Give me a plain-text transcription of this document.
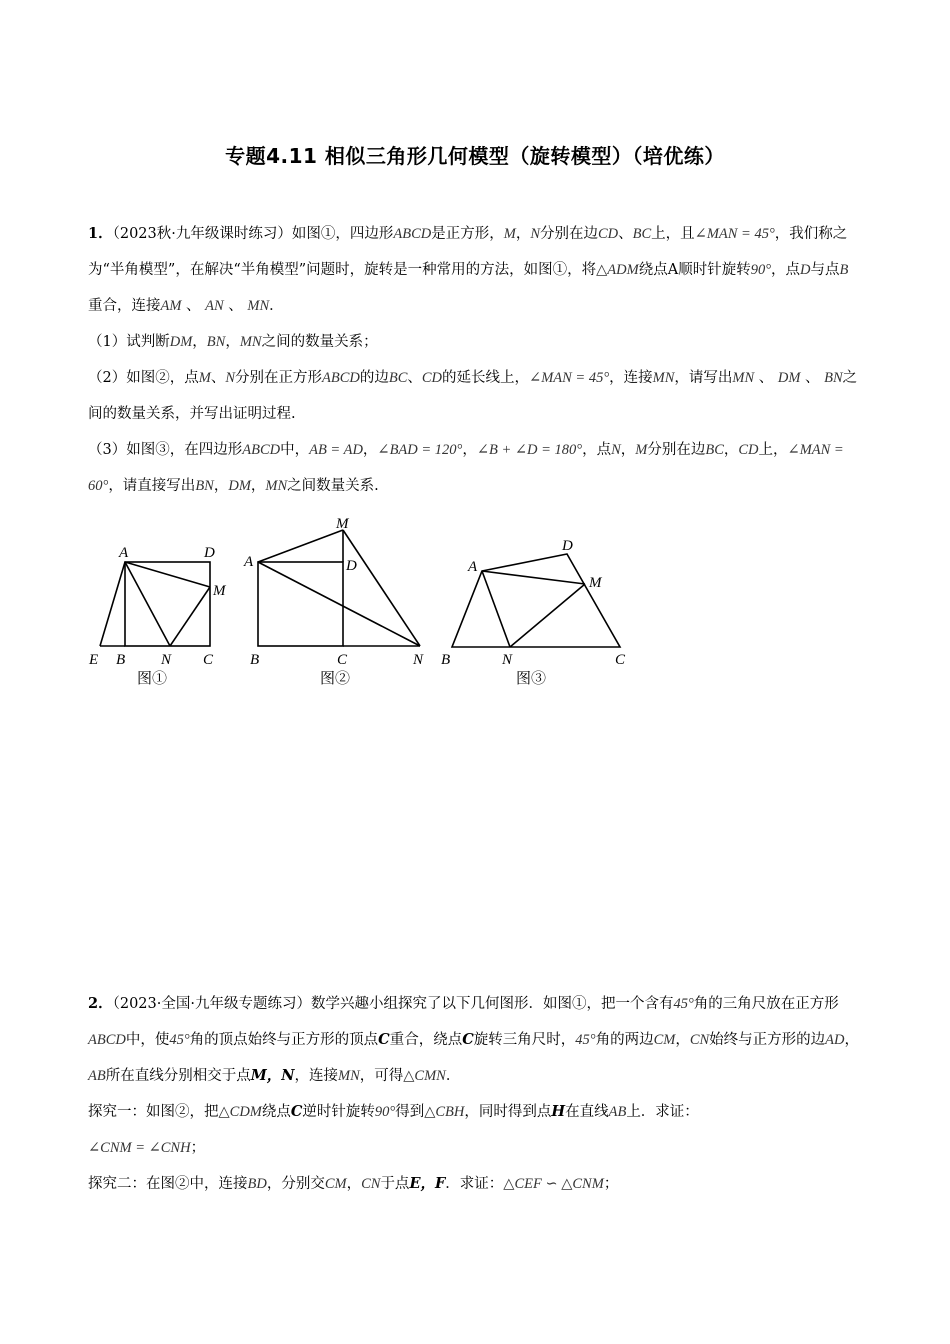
专题4.11 相似三角形几何模型（旋转模型）（培优练）

1．（2023秋·九年级课时练习）如图①，四边形ABCD是正方形，M，N分别在边CD、BC上，且∠MAN = 45°，我们称之为“半角模型”，在解决“半角模型”问题时，旋转是一种常用的方法，如图①，将△ADM绕点A顺时针旋转90°，点D与点B重合，连接AM 、 AN 、 MN．

（1）试判断DM，BN，MN之间的数量关系；

（2）如图②，点M、N分别在正方形ABCD的边BC、CD的延长线上，∠MAN = 45°，连接MN，请写出MN 、 DM 、 BN之间的数量关系，并写出证明过程.

（3）如图③，在四边形ABCD中，AB = AD，∠BAD = 120°，∠B + ∠D = 180°，点N，M分别在边BC，CD上，∠MAN = 60°，请直接写出BN，DM，MN之间数量关系.

A	D
M
E B N C
图①
A
M
D
B	C	N
图②
A
D
M
B	N	C
图③

2．（2023·全国·九年级专题练习）数学兴趣小组探究了以下几何图形．如图①，把一个含有45°角的三角尺放在正方形ABCD中，使45°角的顶点始终与正方形的顶点C重合，绕点C旋转三角尺时，45°角的两边CM，CN始终与正方形的边AD，AB所在直线分别相交于点M，N，连接MN，可得△CMN．

探究一：如图②，把△CDM绕点C逆时针旋转90°得到△CBH，同时得到点H在直线AB上．求证：
∠CNM = ∠CNH；

探究二：在图②中，连接BD，分别交CM，CN于点E，F．求证：△CEF ∽ △CNM；
